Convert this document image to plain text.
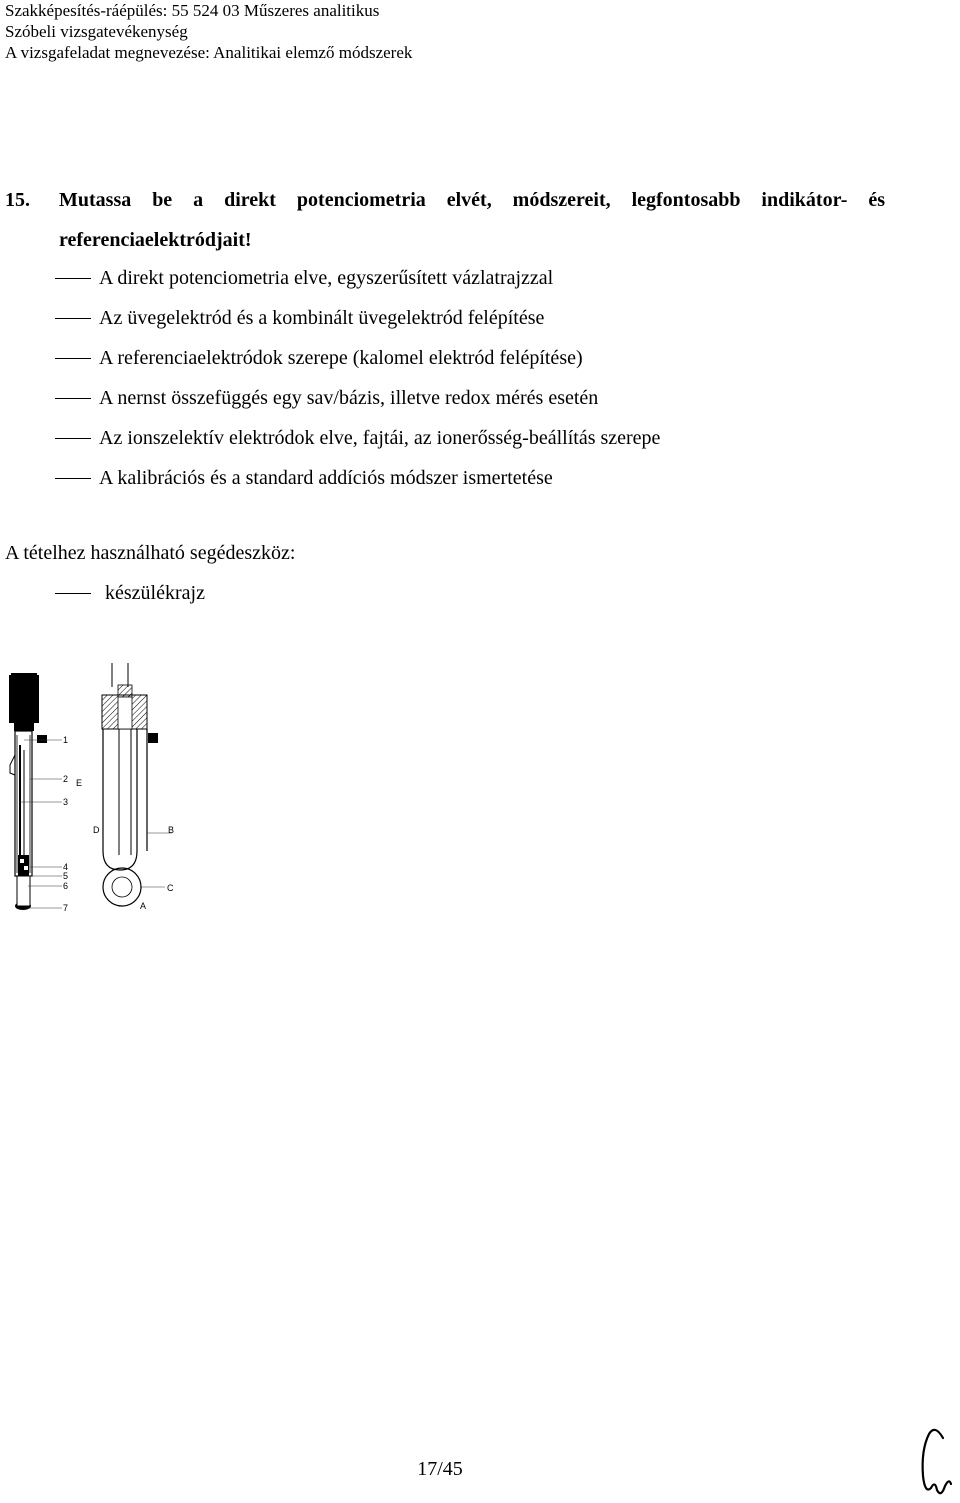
Szakképesítés-ráépülés: 55 524 03 Műszeres analitikus
Szóbeli vizsgatevékenység
A vizsgafeladat megnevezése: Analitikai elemző módszerek
15.	Mutassa be a direkt potenciometria elvét, módszereit, legfontosabb indikátor- és referenciaelektródjait!
A direkt potenciometria elve, egyszerűsített vázlatrajzzal
Az üvegelektród és a kombinált üvegelektród felépítése
A referenciaelektródok szerepe (kalomel elektród felépítése)
A nernst összefüggés egy sav/bázis, illetve redox mérés esetén
Az ionszelektív elektródok elve, fajtái, az ionerősség-beállítás szerepe
A kalibrációs és a standard addíciós módszer ismertetése
A tételhez használható segédeszköz:
készülékrajz
1
2
3
4
5
6
7
E
B
C
D
A
17/45
